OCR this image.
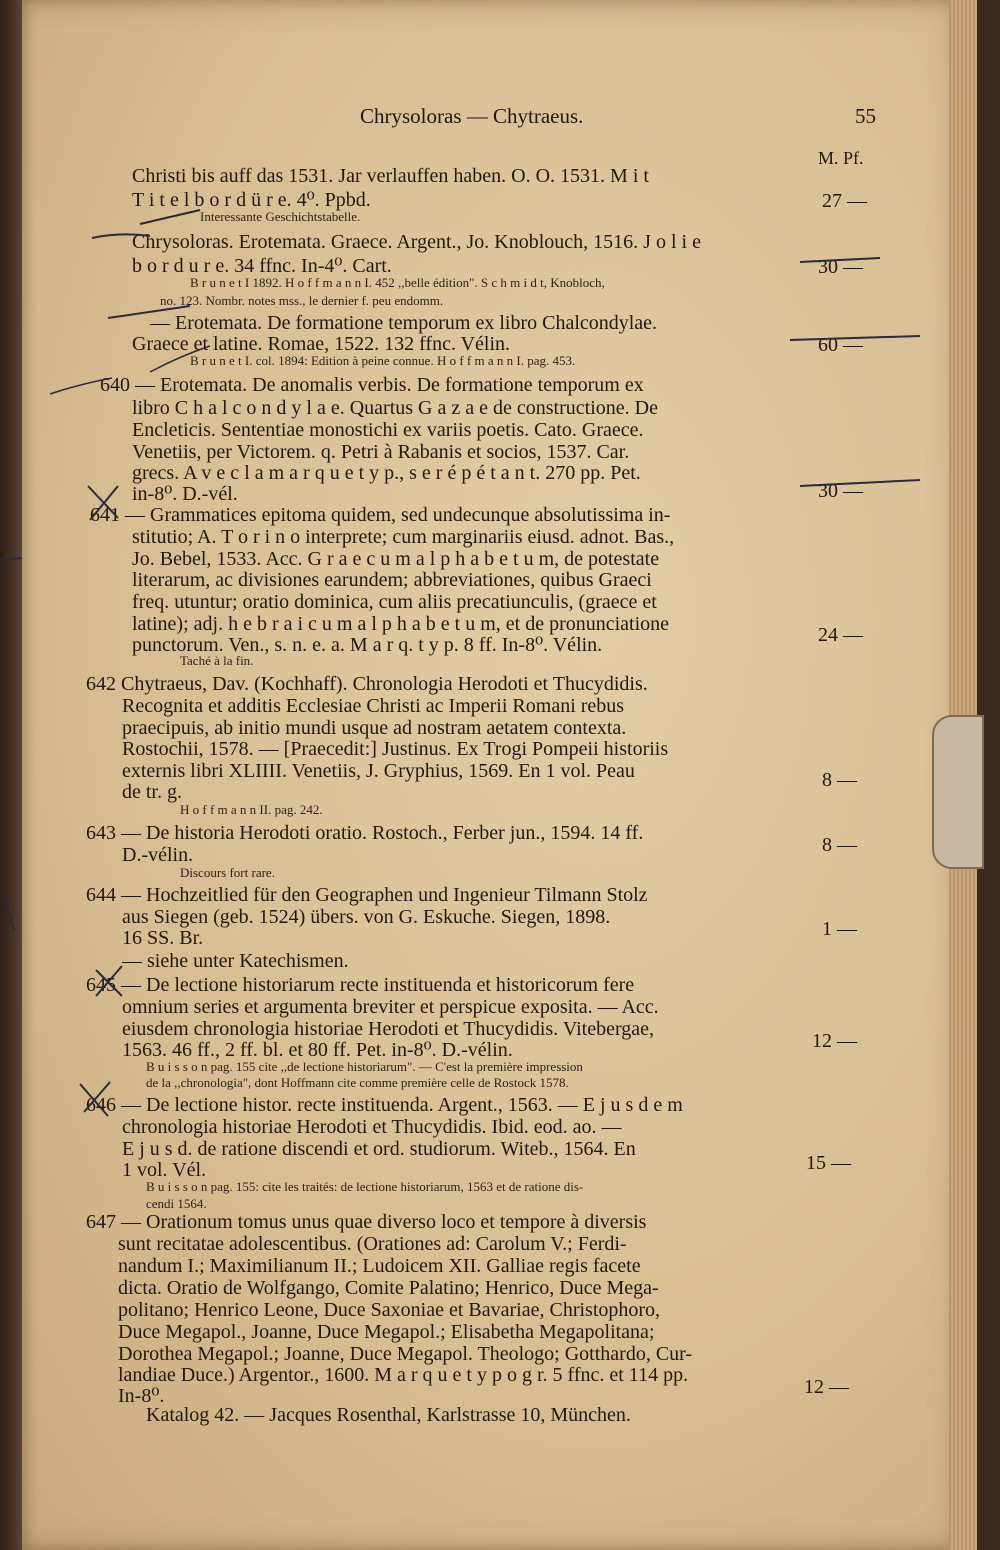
Chrysoloras — Chytraeus.	55
M. Pf.
Christi bis auff das 1531. Jar verlauffen haben. O. O. 1531. M i t
T i t e l b o r d ü r e. 4⁰. Ppbd.
Interessante Geschichtstabelle.
Chrysoloras. Erotemata. Graece. Argent., Jo. Knoblouch, 1516. J o l i e
b o r d u r e. 34 ffnc. In-4⁰. Cart.
B r u n e t I 1892. H o f f m a n n I. 452 ,,belle édition". S c h m i d t, Knobloch,
no. 123. Nombr. notes mss., le dernier f. peu endomm.
— Erotemata. De formatione temporum ex libro Chalcondylae.
Graece et latine. Romae, 1522. 132 ffnc. Vélin.
B r u n e t I. col. 1894: Edition à peine connue. H o f f m a n n I. pag. 453.
640 — Erotemata. De anomalis verbis. De formatione temporum ex
libro C h a l c o n d y l a e. Quartus G a z a e de constructione. De
Encleticis. Sententiae monostichi ex variis poetis. Cato. Graece.
Venetiis, per Victorem. q. Petri à Rabanis et socios, 1537. Car.
grecs. A v e c l a m a r q u e t y p., s e r é p é t a n t. 270 pp. Pet.
in-8⁰. D.-vél.
641 — Grammatices epitoma quidem, sed undecunque absolutissima in-
stitutio; A. T o r i n o interprete; cum marginariis eiusd. adnot. Bas.,
Jo. Bebel, 1533. Acc. G r a e c u m a l p h a b e t u m, de potestate
literarum, ac divisiones earundem; abbreviationes, quibus Graeci
freq. utuntur; oratio dominica, cum aliis precatiunculis, (graece et
latine); adj. h e b r a i c u m a l p h a b e t u m, et de pronunciatione
punctorum. Ven., s. n. e. a. M a r q. t y p. 8 ff. In-8⁰. Vélin.
Taché à la fin.
642 Chytraeus, Dav. (Kochhaff). Chronologia Herodoti et Thucydidis.
Recognita et additis Ecclesiae Christi ac Imperii Romani rebus
praecipuis, ab initio mundi usque ad nostram aetatem contexta.
Rostochii, 1578. — [Praecedit:] Justinus. Ex Trogi Pompeii historiis
externis libri XLIIII. Venetiis, J. Gryphius, 1569. En 1 vol. Peau
de tr. g.
H o f f m a n n II. pag. 242.
643 — De historia Herodoti oratio. Rostoch., Ferber jun., 1594. 14 ff.
D.-vélin.
Discours fort rare.
644 — Hochzeitlied für den Geographen und Ingenieur Tilmann Stolz
aus Siegen (geb. 1524) übers. von G. Eskuche. Siegen, 1898.
16 SS. Br.
— siehe unter Katechismen.
645 — De lectione historiarum recte instituenda et historicorum fere
omnium series et argumenta breviter et perspicue exposita. — Acc.
eiusdem chronologia historiae Herodoti et Thucydidis. Vitebergae,
1563. 46 ff., 2 ff. bl. et 80 ff. Pet. in-8⁰. D.-vélin.
B u i s s o n pag. 155 cite ,,de lectione historiarum". — C'est la première impression
de la ,,chronologia", dont Hoffmann cite comme première celle de Rostock 1578.
646 — De lectione histor. recte instituenda. Argent., 1563. — E j u s d e m
chronologia historiae Herodoti et Thucydidis. Ibid. eod. ao. —
E j u s d. de ratione discendi et ord. studiorum. Witeb., 1564. En
1 vol. Vél.
B u i s s o n pag. 155: cite les traités: de lectione historiarum, 1563 et de ratione dis-
cendi 1564.
647 — Orationum tomus unus quae diverso loco et tempore à diversis
sunt recitatae adolescentibus. (Orationes ad: Carolum V.; Ferdi-
nandum I.; Maximilianum II.; Ludoicem XII. Galliae regis facete
dicta. Oratio de Wolfgango, Comite Palatino; Henrico, Duce Mega-
politano; Henrico Leone, Duce Saxoniae et Bavariae, Christophoro,
Duce Megapol., Joanne, Duce Megapol.; Elisabetha Megapolitana;
Dorothea Megapol.; Joanne, Duce Megapol. Theologo; Gotthardo, Cur-
landiae Duce.) Argentor., 1600. M a r q u e t y p o g r. 5 ffnc. et 114 pp.
In-8⁰.
27 —
30 —
60 —
30 —
24 —
8 —
8 —
1 —
12 —
15 —
12 —
Katalog 42. — Jacques Rosenthal, Karlstrasse 10, München.
